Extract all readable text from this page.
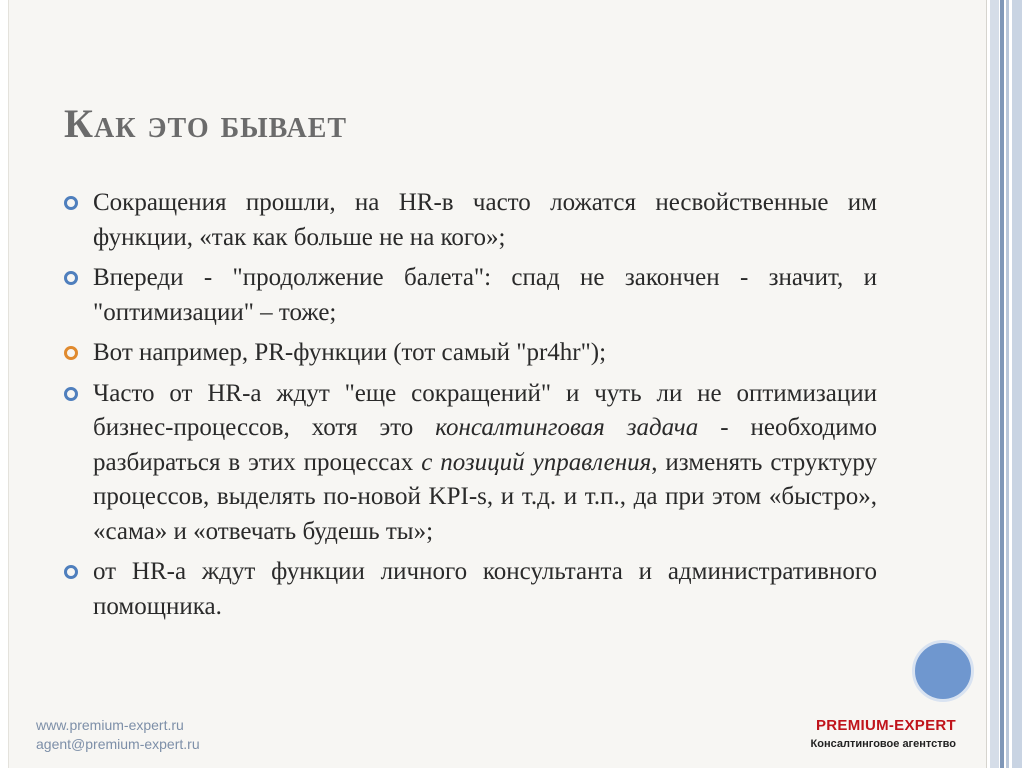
Как это бывает
Сокращения прошли, на HR-в часто ложатся несвойственные им функции, «так как больше не на кого»;
Впереди - "продолжение балета": спад не закончен - значит, и "оптимизации" – тоже;
Вот например, PR-функции (тот самый "pr4hr");
Часто от HR-а ждут "еще сокращений" и чуть ли не оптимизации бизнес-процессов, хотя это консалтинговая задача - необходимо разбираться в этих процессах с позиций управления, изменять структуру процессов, выделять по-новой KPI-s, и т.д. и т.п., да при этом «быстро», «сама» и «отвечать будешь ты»;
от HR-а ждут функции личного консультанта и административного помощника.
www.premium-expert.ru
agent@premium-expert.ru
PREMIUM-EXPERT
Консалтинговое агентство
